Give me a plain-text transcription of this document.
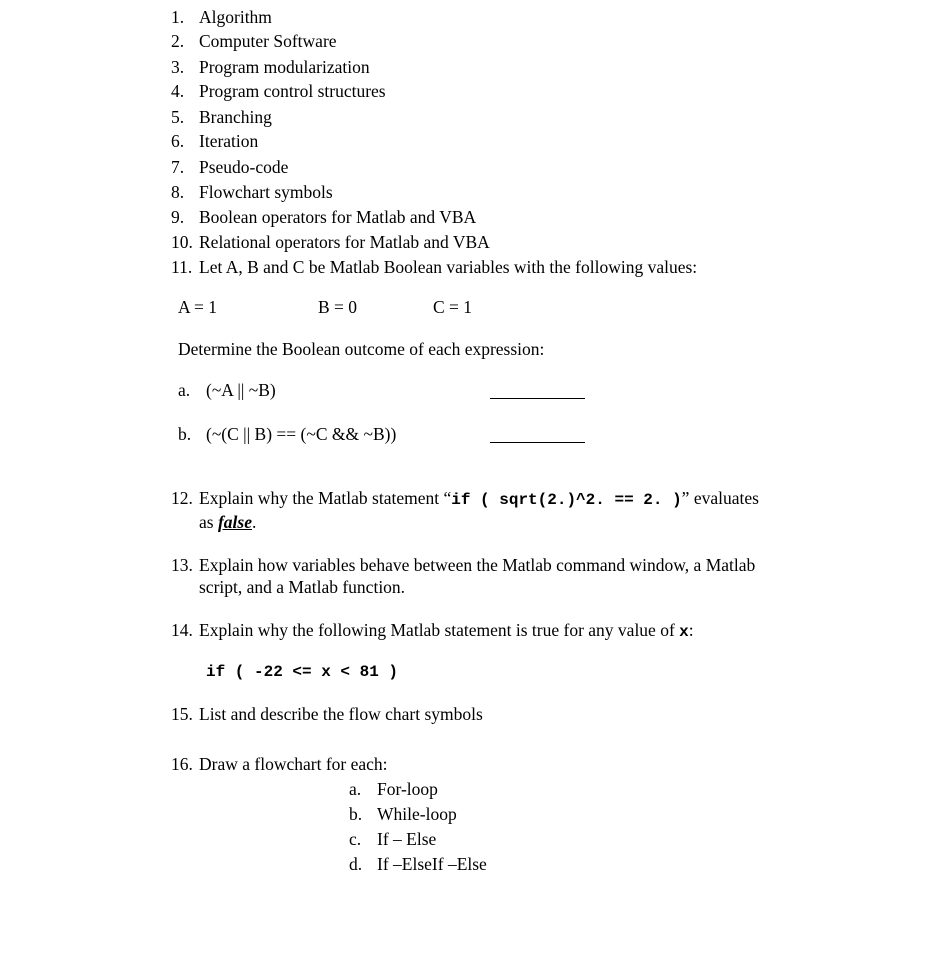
1. Algorithm
2. Computer Software
3. Program modularization
4. Program control structures
5. Branching
6. Iteration
7. Pseudo-code
8. Flowchart symbols
9. Boolean operators for Matlab and VBA
10. Relational operators for Matlab and VBA
11. Let A, B and C be Matlab Boolean variables with the following values:
A = 1	B = 0	C = 1
Determine the Boolean outcome of each expression:
a. (~A || ~B)
b. (~(C || B) == (~C && ~B))
12. Explain why the Matlab statement “if ( sqrt(2.)^2. == 2. )” evaluates
as false.
13. Explain how variables behave between the Matlab command window, a Matlab
script, and a Matlab function.
14. Explain why the following Matlab statement is true for any value of x:
if ( -22 <= x < 81 )
15. List and describe the flow chart symbols
16. Draw a flowchart for each:
a. For-loop
b. While-loop
c. If – Else
d. If –ElseIf –Else
